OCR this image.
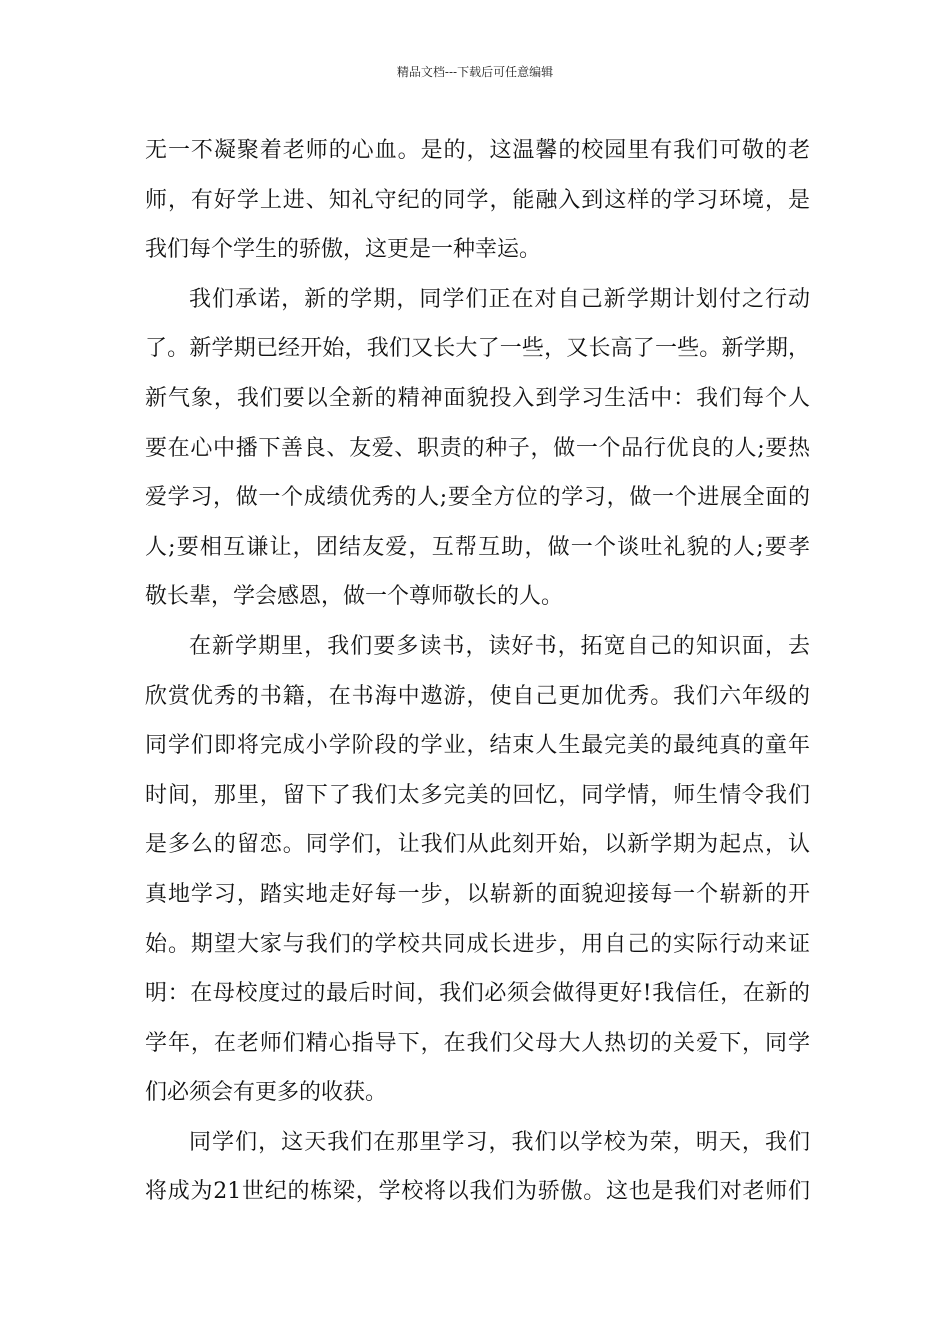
精品文档---下载后可任意编辑
无一不凝聚着老师的心血。是的，这温馨的校园里有我们可敬的老
师，有好学上进、知礼守纪的同学，能融入到这样的学习环境，是
我们每个学生的骄傲，这更是一种幸运。
我们承诺，新的学期，同学们正在对自己新学期计划付之行动
了。新学期已经开始，我们又长大了一些，又长高了一些。新学期，
新气象，我们要以全新的精神面貌投入到学习生活中：我们每个人
要在心中播下善良、友爱、职责的种子，做一个品行优良的人;要热
爱学习，做一个成绩优秀的人;要全方位的学习，做一个进展全面的
人;要相互谦让，团结友爱，互帮互助，做一个谈吐礼貌的人;要孝
敬长辈，学会感恩，做一个尊师敬长的人。
在新学期里，我们要多读书，读好书，拓宽自己的知识面，去
欣赏优秀的书籍，在书海中遨游，使自己更加优秀。我们六年级的
同学们即将完成小学阶段的学业，结束人生最完美的最纯真的童年
时间，那里，留下了我们太多完美的回忆，同学情，师生情令我们
是多么的留恋。同学们，让我们从此刻开始，以新学期为起点，认
真地学习，踏实地走好每一步，以崭新的面貌迎接每一个崭新的开
始。期望大家与我们的学校共同成长进步，用自己的实际行动来证
明：在母校度过的最后时间，我们必须会做得更好!我信任，在新的
学年，在老师们精心指导下，在我们父母大人热切的关爱下，同学
们必须会有更多的收获。
同学们，这天我们在那里学习，我们以学校为荣，明天，我们
将成为21世纪的栋梁，学校将以我们为骄傲。这也是我们对老师们
